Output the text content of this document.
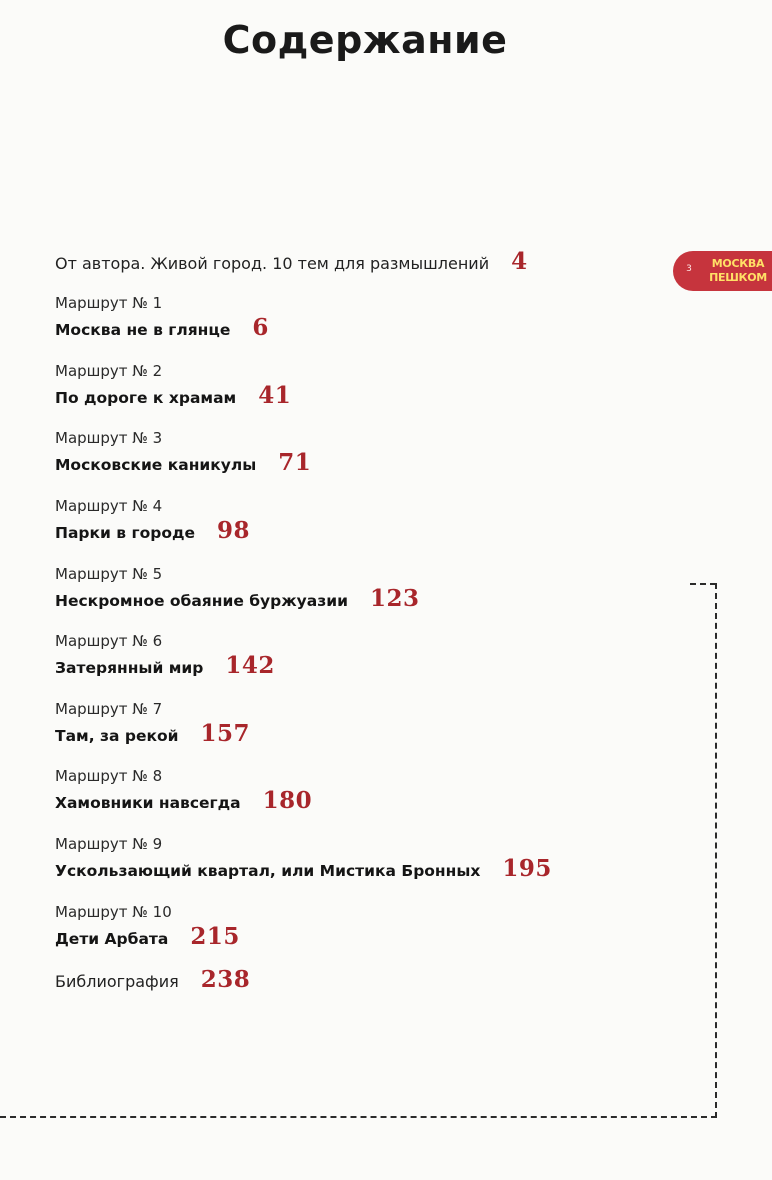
Содержание
3	МОСКВА
ПЕШКОМ
От автора. Живой город. 10 тем для размышлений 4
Маршрут № 1
Москва не в глянце 6
Маршрут № 2
По дороге к храмам 41
Маршрут № 3
Московские каникулы 71
Маршрут № 4
Парки в городе 98
Маршрут № 5
Нескромное обаяние буржуазии 123
Маршрут № 6
Затерянный мир 142
Маршрут № 7
Там, за рекой 157
Маршрут № 8
Хамовники навсегда 180
Маршрут № 9
Ускользающий квартал, или Мистика Бронных 195
Маршрут № 10
Дети Арбата 215
Библиография 238
